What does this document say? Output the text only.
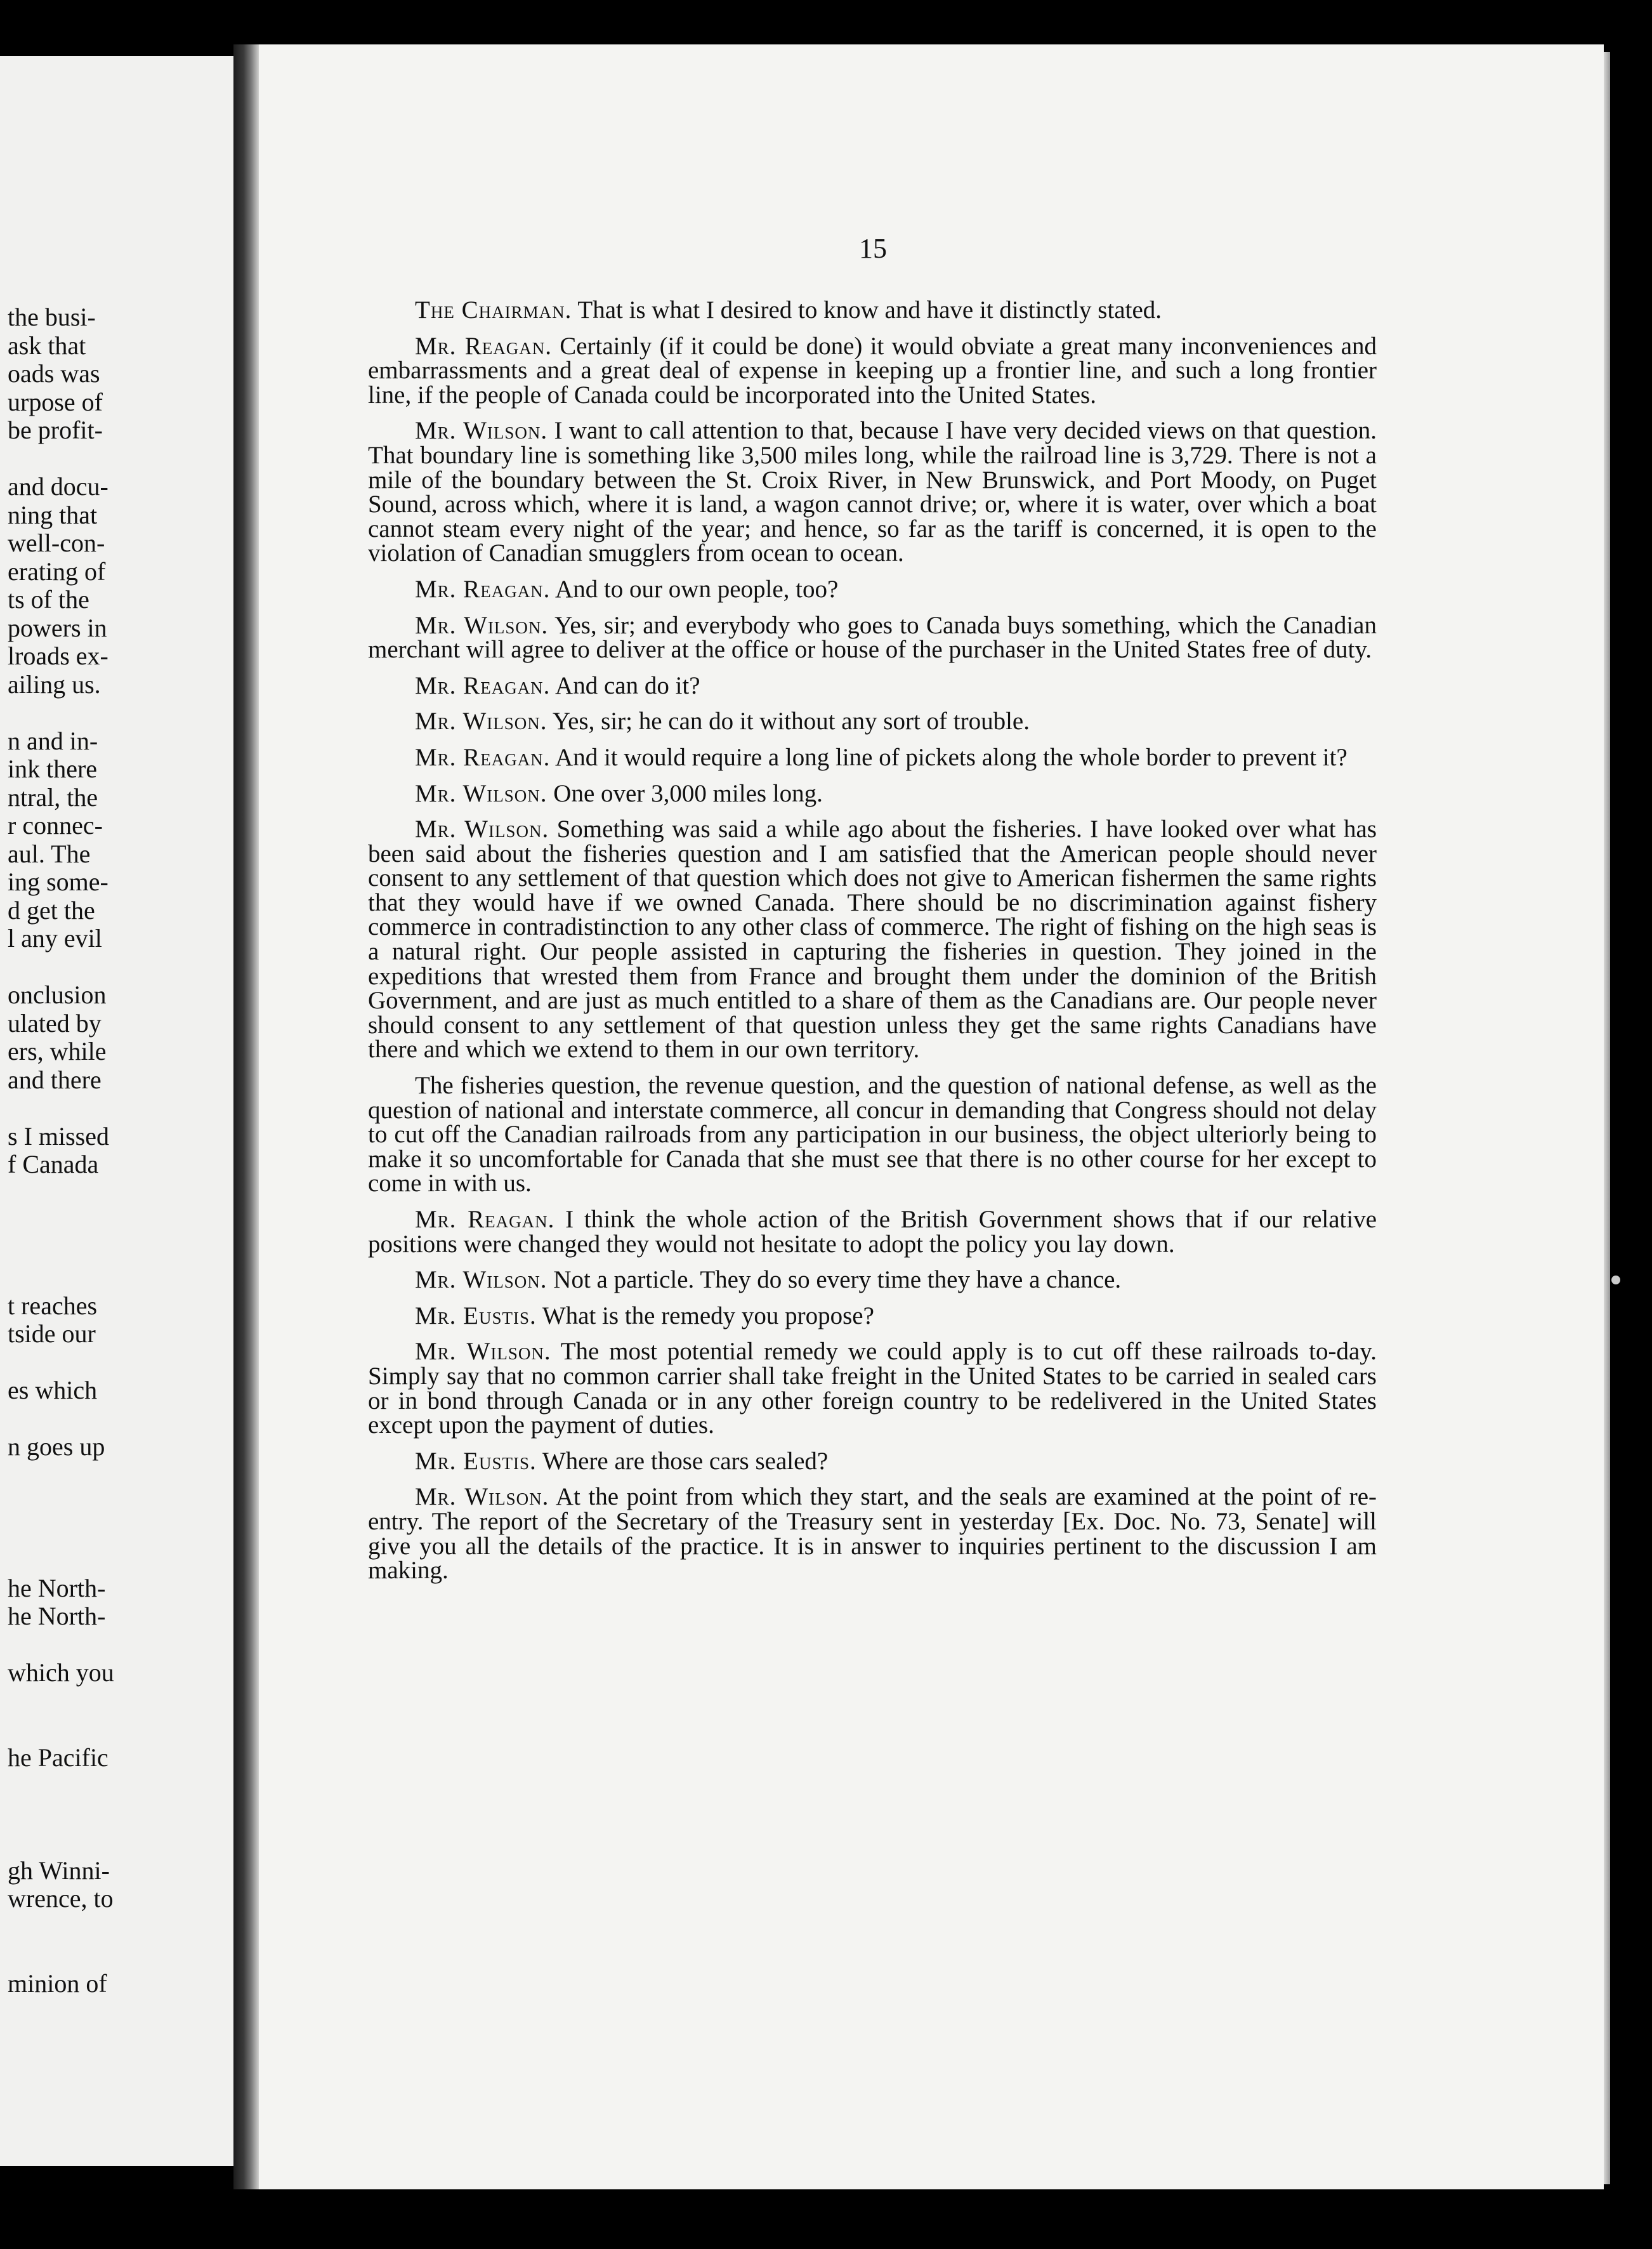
the busi-
ask that
oads was
urpose of
be profit-
and docu-
ning that
well-con-
erating of
ts of the
powers in
lroads ex-
ailing us.
n and in-
ink there
ntral, the
r connec-
aul. The
ing some-
d get the
l any evil
onclusion
ulated by
ers, while
and there
s I missed
f Canada
t reaches
tside our
es which
n goes up
he North-
he North-
which you
he Pacific
gh Winni-
wrence, to
minion of
15

The Chairman. That is what I desired to know and have it distinctly stated.

Mr. Reagan. Certainly (if it could be done) it would obviate a great many inconveniences and embarrassments and a great deal of expense in keeping up a frontier line, and such a long frontier line, if the people of Canada could be incorporated into the United States.

Mr. Wilson. I want to call attention to that, because I have very decided views on that question. That boundary line is something like 3,500 miles long, while the railroad line is 3,729. There is not a mile of the boundary between the St. Croix River, in New Brunswick, and Port Moody, on Puget Sound, across which, where it is land, a wagon cannot drive; or, where it is water, over which a boat cannot steam every night of the year; and hence, so far as the tariff is concerned, it is open to the violation of Canadian smugglers from ocean to ocean.

Mr. Reagan. And to our own people, too?

Mr. Wilson. Yes, sir; and everybody who goes to Canada buys something, which the Canadian merchant will agree to deliver at the office or house of the purchaser in the United States free of duty.

Mr. Reagan. And can do it?

Mr. Wilson. Yes, sir; he can do it without any sort of trouble.

Mr. Reagan. And it would require a long line of pickets along the whole border to prevent it?

Mr. Wilson. One over 3,000 miles long.

Mr. Wilson. Something was said a while ago about the fisheries. I have looked over what has been said about the fisheries question and I am satisfied that the American people should never consent to any settlement of that question which does not give to American fishermen the same rights that they would have if we owned Canada. There should be no discrimination against fishery commerce in contradistinction to any other class of commerce. The right of fishing on the high seas is a natural right. Our people assisted in capturing the fisheries in question. They joined in the expeditions that wrested them from France and brought them under the dominion of the British Government, and are just as much entitled to a share of them as the Canadians are. Our people never should consent to any settlement of that question unless they get the same rights Canadians have there and which we extend to them in our own territory.

The fisheries question, the revenue question, and the question of national defense, as well as the question of national and interstate commerce, all concur in demanding that Congress should not delay to cut off the Canadian railroads from any participation in our business, the object ulteriorly being to make it so uncomfortable for Canada that she must see that there is no other course for her except to come in with us.

Mr. Reagan. I think the whole action of the British Government shows that if our relative positions were changed they would not hesitate to adopt the policy you lay down.

Mr. Wilson. Not a particle. They do so every time they have a chance.

Mr. Eustis. What is the remedy you propose?

Mr. Wilson. The most potential remedy we could apply is to cut off these railroads to-day. Simply say that no common carrier shall take freight in the United States to be carried in sealed cars or in bond through Canada or in any other foreign country to be redelivered in the United States except upon the payment of duties.

Mr. Eustis. Where are those cars sealed?

Mr. Wilson. At the point from which they start, and the seals are examined at the point of re-entry. The report of the Secretary of the Treasury sent in yesterday [Ex. Doc. No. 73, Senate] will give you all the details of the practice. It is in answer to inquiries pertinent to the discussion I am making.
